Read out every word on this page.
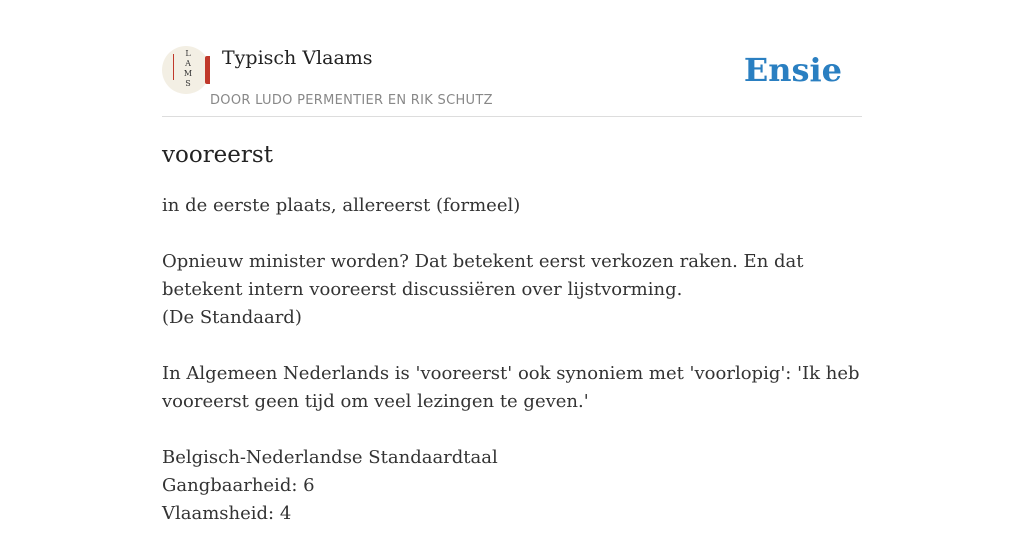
L
A
M
S
Typisch Vlaams
DOOR LUDO PERMENTIER EN RIK SCHUTZ
Ensie
vooreerst

in de eerste plaats, allereerst (formeel)

Opnieuw minister worden? Dat betekent eerst verkozen raken. En dat betekent intern vooreerst discussiëren over lijstvorming.
(De Standaard)

In Algemeen Nederlands is 'vooreerst' ook synoniem met 'voorlopig': 'Ik heb vooreerst geen tijd om veel lezingen te geven.'

Belgisch-Nederlandse Standaardtaal
Gangbaarheid: 6
Vlaamsheid: 4
